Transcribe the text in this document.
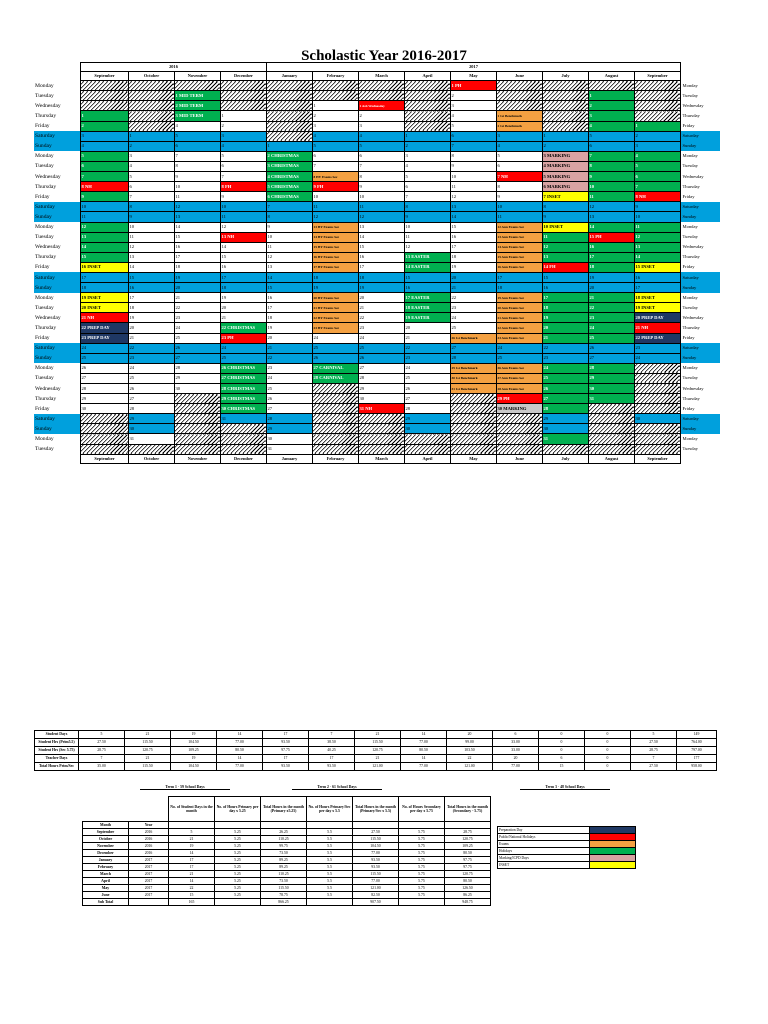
Scholastic Year 2016-2017
	2016				2017									
	September	October	November	December	January	February	March	April	May	June	July	August	September	
Monday									1 PH					Monday
Tuesday			1 MID TERM						2			1		Tuesday
Wednesday			2 MID TERM			1	1 Ash Wednesday		3			2		Wednesday
Thursday	1		3 MID TERM	1		2	2		4	1 1st Benchmark		3		Thursday
Friday	2		4	2		3	3		5	2 1st Benchmark		4	1	Friday
Saturday	3	1	5	3		4	4	1	6	3	1	5	2	Saturday
Sunday	4	2	6	4	1	5	5	2	7	4	2	6	3	Sunday
Monday	5	3	7	5	2 CHRISTMAS	6	6	3	8	5	3 MARKING	7	4	Monday
Tuesday	6	4	8	6	3 CHRISTMAS	7	7	4	9	6	4 MARKING	8	5	Tuesday
Wednesday	7	5	9	7	4 CHRISTMAS	8 HY Exams Sec	8	5	10	7 NH	5 MARKING	9	6	Wednesday
Thursday	8 NH	6	10	8 FH	5 CHRISTMAS	9 FH	9	6	11	8	6 MARKING	10	7	Thursday
Friday	9	7	11	9	6 CHRISTMAS	10	10	7	12	9	7 INSET	11	8 NH	Friday
Saturday	10	8	12	10	7	11	11	8	13	10	8	12	9	Saturday
Sunday	11	9	13	11	8	12	12	9	14	11	9	13	10	Sunday
Monday	12	10	14	12	9	13 HY Exams Sec	13	10	15	12 Ann Exams Sec	10 INSET	14	11	Monday
Tuesday	13	11	15	13 NH	10	14 HY Exams Sec	14	11	16	13 Ann Exams Sec	11	15 PH	12	Tuesday
Wednesday	14	12	16	14	11	15 HY Exams Sec	15	12	17	14 Ann Exams Sec	12	16	13	Wednesday
Thursday	15	13	17	15	12	16 HY Exams Sec	16	13 EASTER	18	15 Ann Exams Sec	13	17	14	Thursday
Friday	16 INSET	14	18	16	13	17 HY Exams Sec	17	14 EASTER	19	16 Ann Exams Sec	14 FH	18	15 INSET	Friday
Saturday	17	15	19	17	14	18	18	15	20	17	15	19	16	Saturday
Sunday	18	16	20	18	15	19	19	16	21	18	16	20	17	Sunday
Monday	19 INSET	17	21	19	16	20 HY Exams Sec	20	17 EASTER	22	19 Ann Exams Sec	17	21	18 INSET	Monday
Tuesday	20 INSET	18	22	20	17	21 HY Exams Sec	21	18 EASTER	23	20 Ann Exams Sec	18	22	19 INSET	Tuesday
Wednesday	21 NH	19	23	21	18	22 HY Exams Sec	22	19 EASTER	24	21 Ann Exams Sec	19	23	20 PREP DAY	Wednesday
Thursday	22 PREP DAY	20	24	22 CHRISTMAS	19	23 HY Exams Sec	23	20	25	22 Ann Exams Sec	20	24	21 NH	Thursday
Friday	23 PREP DAY	21	25	23 PH	20	24	24	21	26 1st Benchmark	23 Ann Exams Sec	21	25	22 PREP DAY	Friday
Saturday	24	22	26	24	21	25	25	22	27	24	22	26	23	Saturday
Sunday	25	23	27	25	22	26	26	23	28	25	23	27	24	Sunday
Monday	26	24	28	26 CHRISTMAS	23	27 CARNIVAL	27	24	29 1st Benchmark	26 Ann Exams Sec	24	28		Monday
Tuesday	27	25	29	27 CHRISTMAS	24	28 CARNIVAL	28	25	30 1st Benchmark	27 Ann Exams Sec	25	29		Tuesday
Wednesday	28	26	30	28 CHRISTMAS	25		29	26	31 1st Benchmark	28 Ann Exams Sec	26	30		Wednesday
Thursday	29	27		29 CHRISTMAS	26		30	27		29 PH	27	31		Thursday
Friday	30	28		30 CHRISTMAS	27		31 NH	28		30 MARKING	28			Friday
Saturday		29		31	28			29			29		30	Saturday
Sunday		30			29			30			30			Sunday
Monday		31			30						31			Monday
Tuesday					31									Tuesday
	September	October	November	December	January	February	March	April	May	June	July	August	September	
Student Days	5	21	19	14	17	7	21	14	20	6	0	0	5	149
Student Hrs (Prim5.5)	27.50	115.50	104.50	77.00	93.50	38.50	115.50	77.00	99.00	33.00	0	0	27.50	764.00
Student Hrs (Sec 5.75)	28.75	120.75	109.25	80.50	97.75	40.25	120.75	80.50	103.50	33.00	0	0	28.75	797.00
Teacher Days	7	21	19	14	17	17	21	14	22	20	6	0	7	177
Total Hours Prim/Sec	35.00	115.50	104.50	77.00	93.50	93.50	121.00	77.00	121.00	77.00	15	0	27.50	958.00
Term 1 - 59 School Days	Term 2 - 61 School Days	Term 3 - 48 School Days
		No. of Student Days in the month	No. of Hours Primary per day x 5.25	Total Hours in the month (Primary x5.25)	No. of Hours Primary/Sec per day x 5.5	Total Hours in the month (Primary/Sec x 5.5)	No. of Hours Secondary per day x 5.75	Total Hours in the month (Secondary - 5.75)
Month	Year							
September	2016	5	5.25	26.25	5.5	27.50	5.75	28.75
October	2016	21	5.25	110.25	5.5	115.50	5.75	120.75
November	2016	19	5.25	99.75	5.5	104.50	5.75	109.25
December	2016	14	5.25	73.50	5.5	77.00	5.75	80.50
January	2017	17	5.25	89.25	5.5	93.50	5.75	97.75
February	2017	17	5.25	89.25	5.5	93.50	5.75	97.75
March	2017	21	5.25	110.25	5.5	115.50	5.75	120.75
April	2017	14	5.25	73.50	5.5	77.00	5.75	80.50
May	2017	22	5.25	115.50	5.5	121.00	5.75	126.50
June	2017	15	5.25	78.75	5.5	82.50	5.75	86.25
Sub Total		165		866.25		907.50		948.75
Preparation Day	
Public/National Holidays	
Exams	
Holidays	
Marking/ICPD Days	
INSET	
